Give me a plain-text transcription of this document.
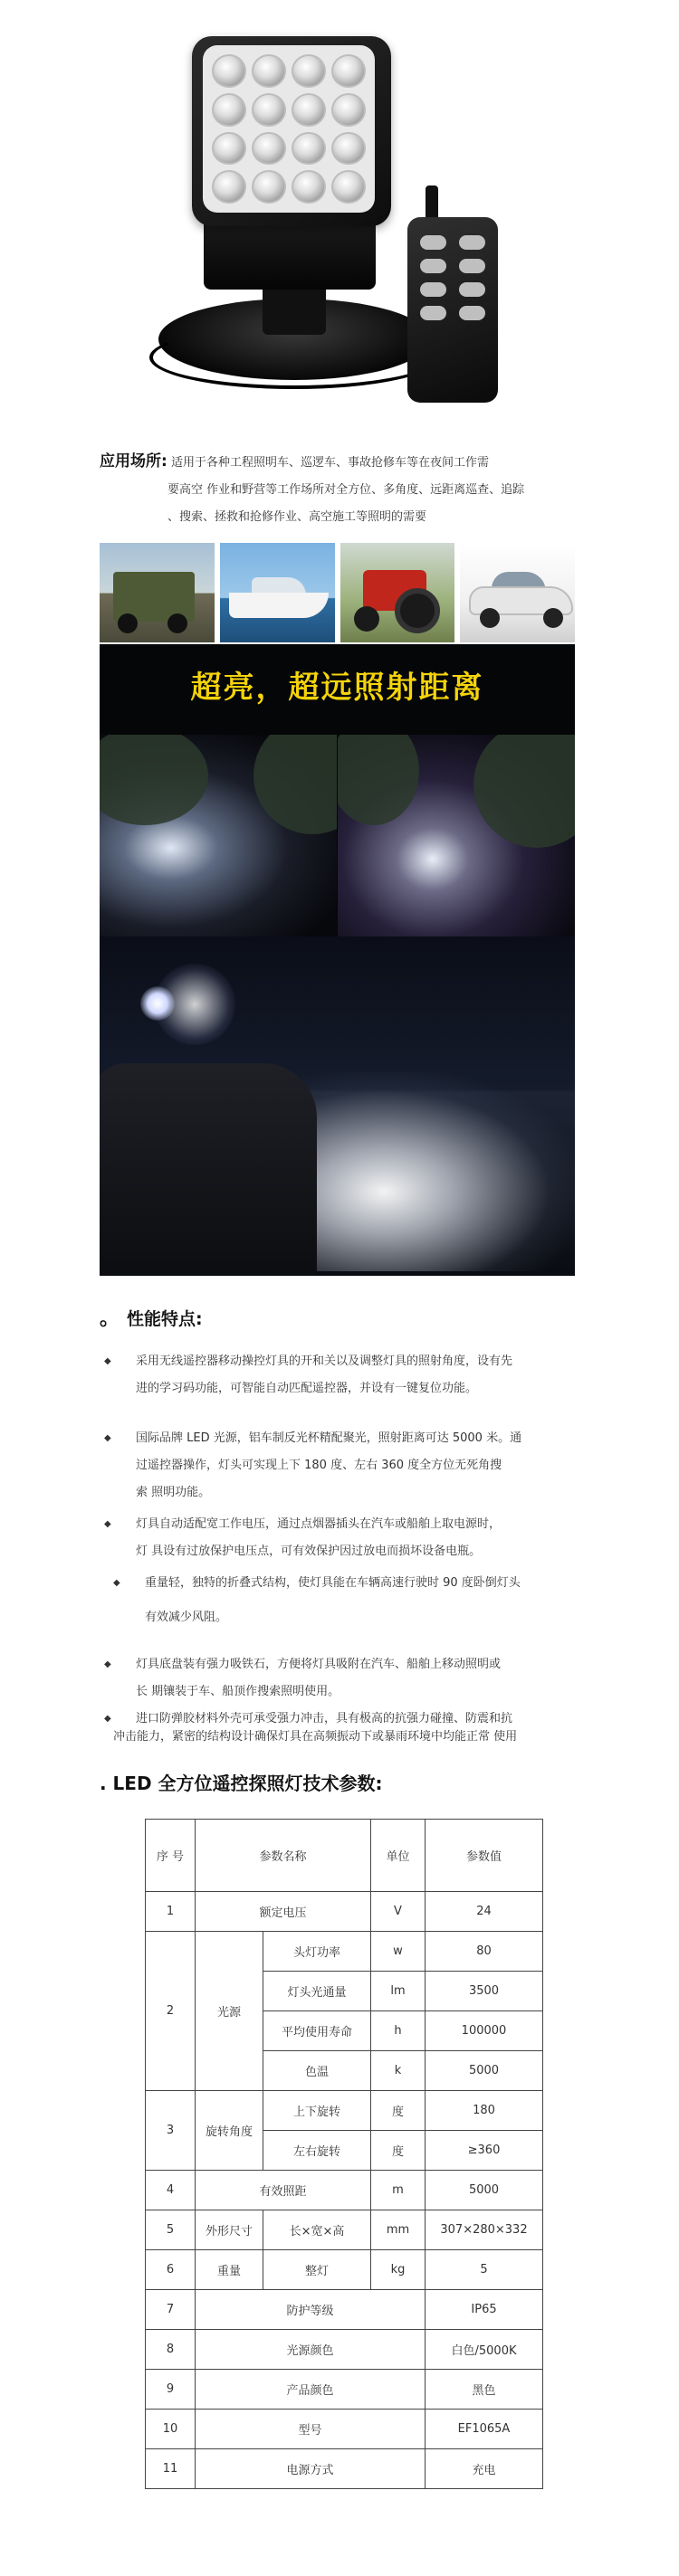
应用场所: 适用于各种工程照明车、巡逻车、事故抢修车等在夜间工作需
要高空 作业和野营等工作场所对全方位、多角度、远距离巡查、追踪
、搜索、拯救和抢修作业、高空施工等照明的需要
超亮，超远照射距离
。 性能特点:
◆	采用无线遥控器移动操控灯具的开和关以及调整灯具的照射角度，设有先
进的学习码功能，可智能自动匹配遥控器，并设有一键复位功能。
◆	国际品牌 LED 光源，铝车制反光杯精配聚光，照射距离可达 5000 米。通
过遥控器操作，灯头可实现上下 180 度、左右 360 度全方位无死角搜
索 照明功能。
◆	灯具自动适配宽工作电压，通过点烟器插头在汽车或船舶上取电源时，
灯 具设有过放保护电压点，可有效保护因过放电而损坏设备电瓶。
◆	重量轻，独特的折叠式结构，使灯具能在车辆高速行驶时 90 度卧倒灯头
有效减少风阻。
◆	灯具底盘装有强力吸铁石，方便将灯具吸附在汽车、船舶上移动照明或
长 期镶装于车、船顶作搜索照明使用。
◆	进口防弹胶材料外壳可承受强力冲击，具有极高的抗强力碰撞、防震和抗
冲击能力，紧密的结构设计确保灯具在高频振动下或暴雨环境中均能正常 使用
. LED 全方位遥控探照灯技术参数:
序 号	参数名称		单位	参数值
1	额定电压		V	24
2	光源	头灯功率	w	80
		灯头光通量	lm	3500
		平均使用寿命	h	100000
		色温	k	5000
3	旋转角度	上下旋转	度	180
		左右旋转	度	≥360
4	有效照距		m	5000
5	外形尺寸	长×宽×高	mm	307×280×332
6	重量	整灯	kg	5
7	防护等级			IP65
8	光源颜色			白色/5000K
9	产品颜色			黑色
10	型号			EF1065A
11	电源方式			充电
